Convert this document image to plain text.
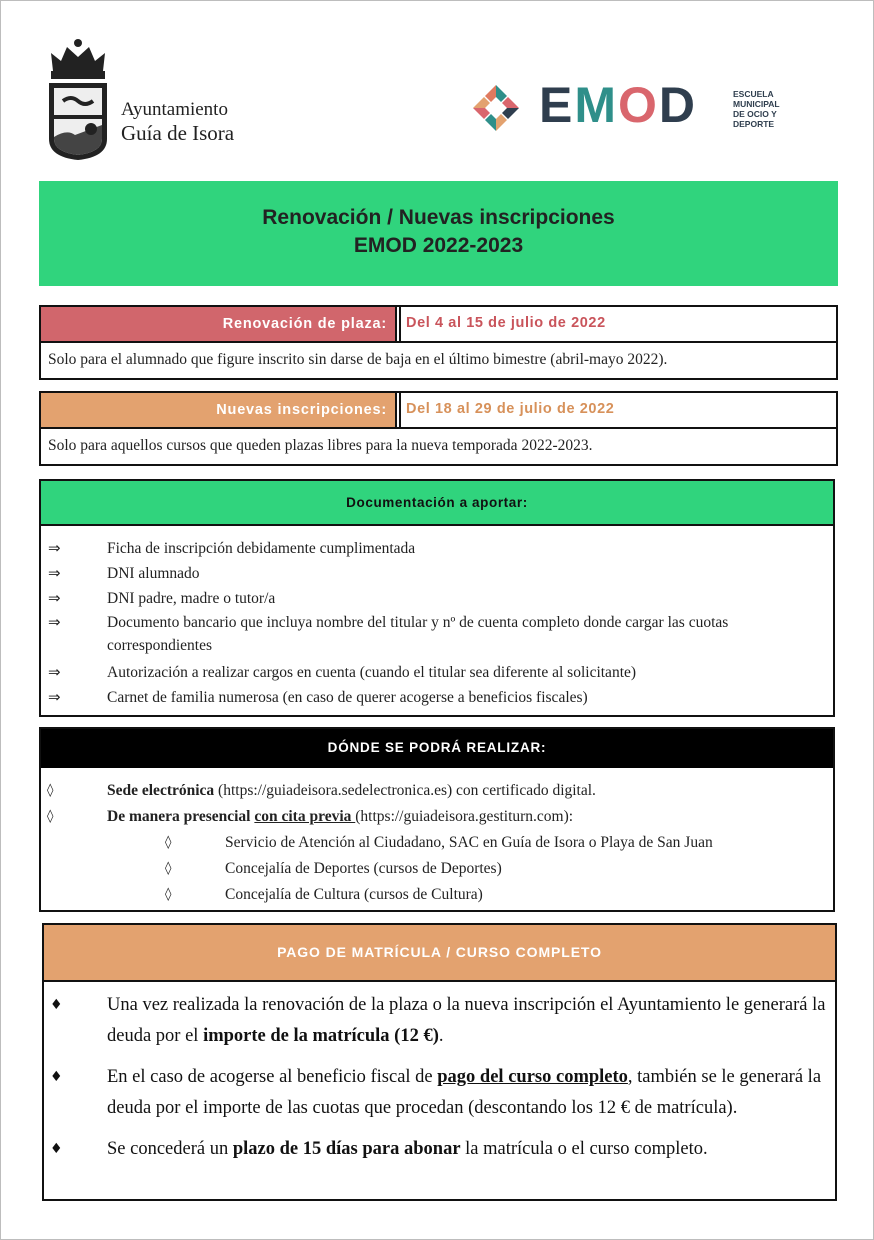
Ayuntamiento
Guía de Isora	EMOD	ESCUELA
MUNICIPAL
DE OCIO Y
DEPORTE
Renovación / Nuevas inscripciones
EMOD 2022-2023
Renovación de plaza:	Del 4 al 15 de julio de 2022
Solo para el alumnado que figure inscrito sin darse de baja en el último bimestre (abril-mayo 2022).
Nuevas inscripciones:	Del 18 al 29 de julio de 2022
Solo para aquellos cursos que queden plazas libres para la nueva temporada 2022-2023.
Documentación a aportar:
⇒	Ficha de inscripción debidamente cumplimentada
⇒	DNI alumnado
⇒	DNI padre, madre o tutor/a
⇒	Documento bancario que incluya nombre del titular y nº de cuenta completo donde cargar las cuotas correspondientes
⇒	Autorización a realizar cargos en cuenta (cuando el titular sea diferente al solicitante)
⇒	Carnet de familia numerosa (en caso de querer acogerse a beneficios fiscales)
DÓNDE SE PODRÁ REALIZAR:
◊	Sede electrónica (https://guiadeisora.sedelectronica.es) con certificado digital.
◊	De manera presencial con cita previa (https://guiadeisora.gestiturn.com):
◊	Servicio de Atención al Ciudadano, SAC en Guía de Isora o Playa de San Juan
◊	Concejalía de Deportes (cursos de Deportes)
◊	Concejalía de Cultura (cursos de Cultura)
PAGO DE MATRÍCULA / CURSO COMPLETO
♦ Una vez realizada la renovación de la plaza o la nueva inscripción el Ayuntamiento le generará la deuda por el importe de la matrícula (12 €).
♦ En el caso de acogerse al beneficio fiscal de pago del curso completo, también se le generará la deuda por el importe de las cuotas que procedan (descontando los 12 € de matrícula).
♦ Se concederá un plazo de 15 días para abonar la matrícula o el curso completo.
